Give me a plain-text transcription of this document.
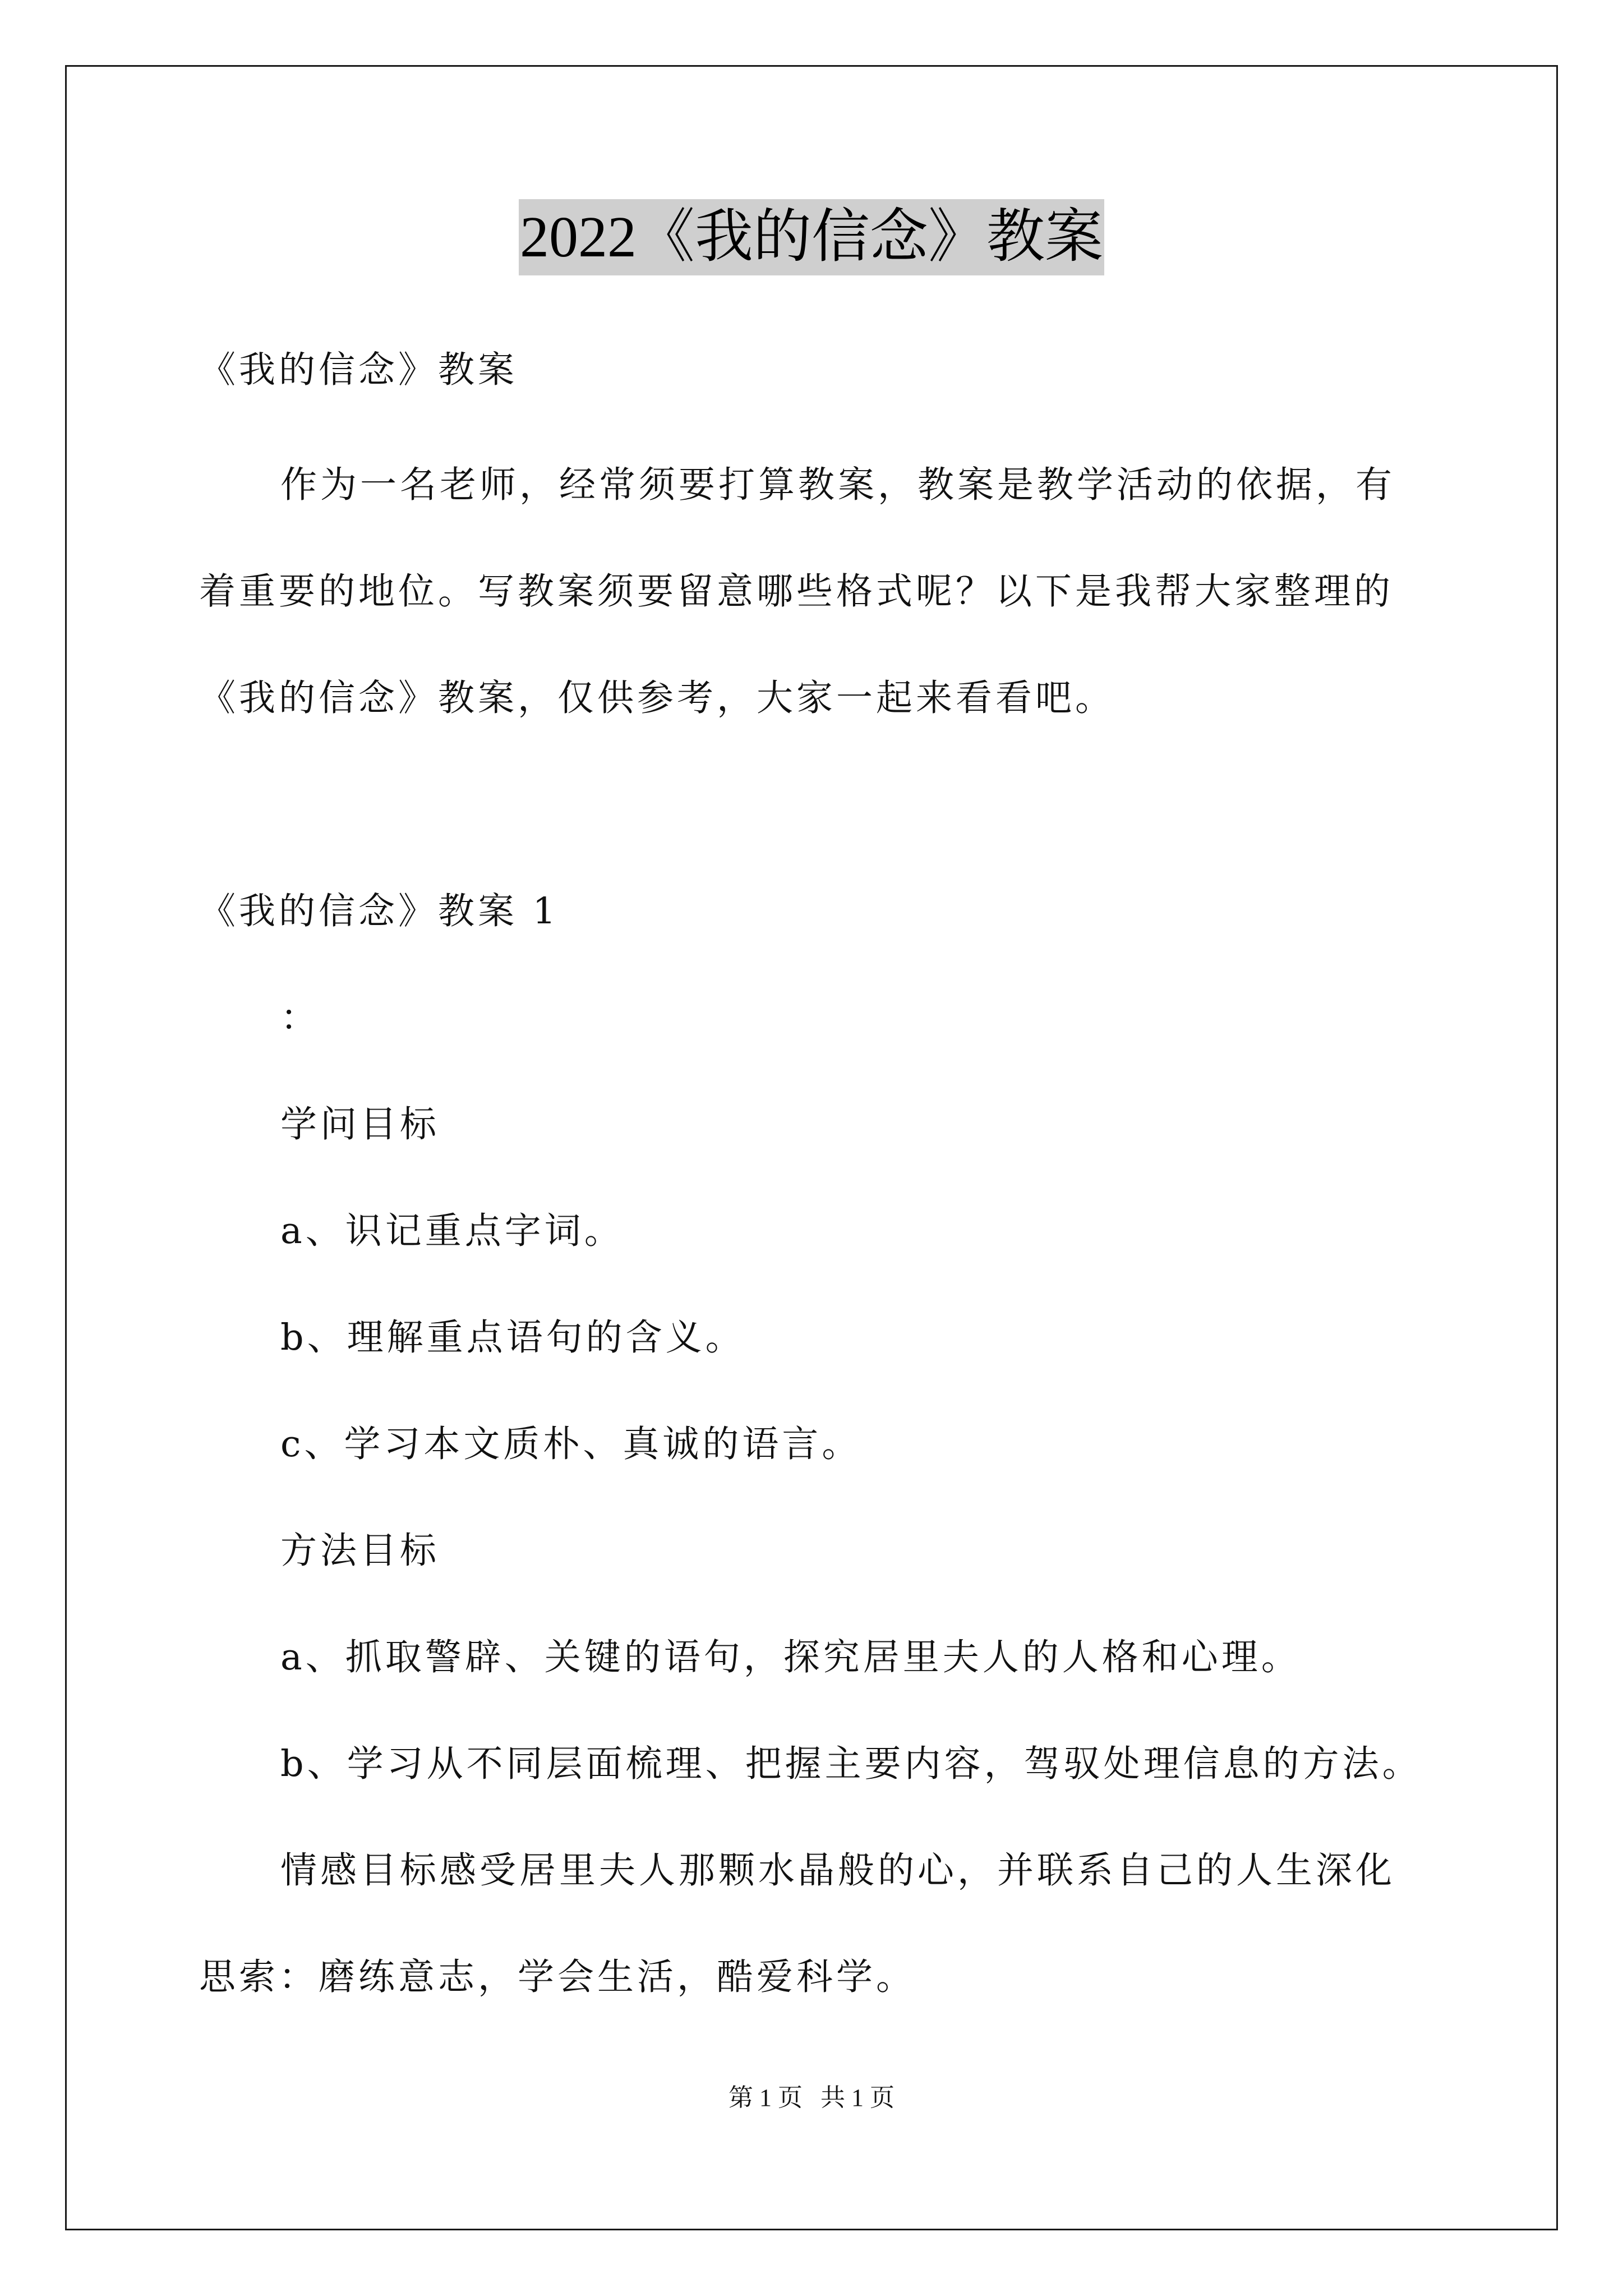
2022《我的信念》教案
《我的信念》教案
作为一名老师，经常须要打算教案，教案是教学活动的依据，有
着重要的地位。写教案须要留意哪些格式呢？以下是我帮大家整理的
《我的信念》教案，仅供参考，大家一起来看看吧。
《我的信念》教案 1
：
学问目标
a、识记重点字词。
b、理解重点语句的含义。
c、学习本文质朴、真诚的语言。
方法目标
a、抓取警辟、关键的语句，探究居里夫人的人格和心理。
b、学习从不同层面梳理、把握主要内容，驾驭处理信息的方法。
情感目标感受居里夫人那颗水晶般的心，并联系自己的人生深化
思索：磨练意志，学会生活，酷爱科学。
第 1 页 共 1 页
